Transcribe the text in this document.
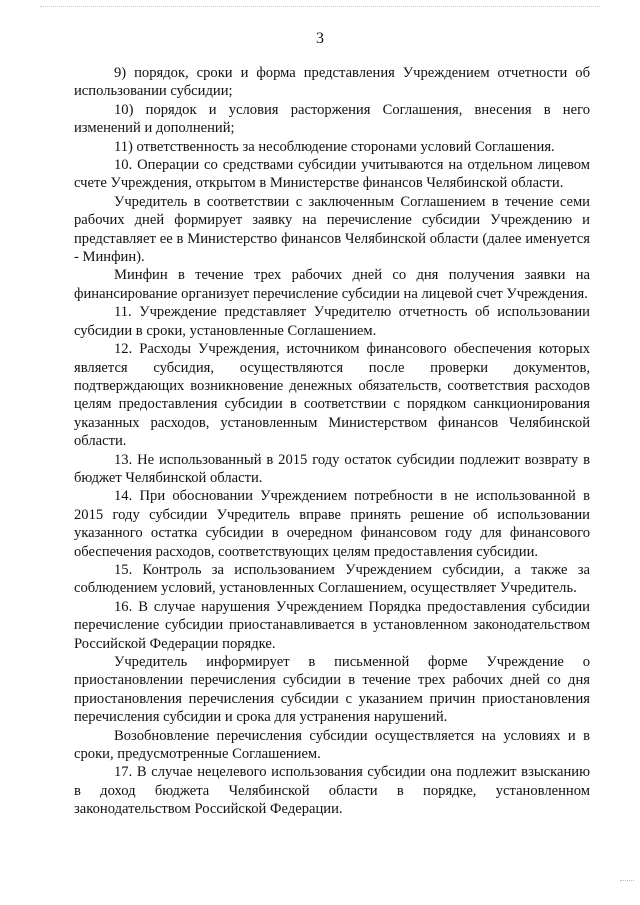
3

9) порядок, сроки и форма представления Учреждением отчетности об использовании субсидии;

10) порядок и условия расторжения Соглашения, внесения в него изменений и дополнений;

11) ответственность за несоблюдение сторонами условий Соглашения.

10. Операции со средствами субсидии учитываются на отдельном лицевом счете Учреждения, открытом в Министерстве финансов Челябинской области.

Учредитель в соответствии с заключенным Соглашением в течение семи рабочих дней формирует заявку на перечисление субсидии Учреждению и представляет ее в Министерство финансов Челябинской области (далее именуется - Минфин).

Минфин в течение трех рабочих дней со дня получения заявки на финансирование организует перечисление субсидии на лицевой счет Учреждения.

11. Учреждение представляет Учредителю отчетность об использовании субсидии в сроки, установленные Соглашением.

12. Расходы Учреждения, источником финансового обеспечения которых является субсидия, осуществляются после проверки документов, подтверждающих возникновение денежных обязательств, соответствия расходов целям предоставления субсидии в соответствии с порядком санкционирования указанных расходов, установленным Министерством финансов Челябинской области.

13. Не использованный в 2015 году остаток субсидии подлежит возврату в бюджет Челябинской области.

14. При обосновании Учреждением потребности в не использованной в 2015 году субсидии Учредитель вправе принять решение об использовании указанного остатка субсидии в очередном финансовом году для финансового обеспечения расходов, соответствующих целям предоставления субсидии.

15. Контроль за использованием Учреждением субсидии, а также за соблюдением условий, установленных Соглашением, осуществляет Учредитель.

16. В случае нарушения Учреждением Порядка предоставления субсидии перечисление субсидии приостанавливается в установленном законодательством Российской Федерации порядке.

Учредитель информирует в письменной форме Учреждение о приостановлении перечисления субсидии в течение трех рабочих дней со дня приостановления перечисления субсидии с указанием причин приостановления перечисления субсидии и срока для устранения нарушений.

Возобновление перечисления субсидии осуществляется на условиях и в сроки, предусмотренные Соглашением.

17. В случае нецелевого использования субсидии она подлежит взысканию в доход бюджета Челябинской области в порядке, установленном законодательством Российской Федерации.
